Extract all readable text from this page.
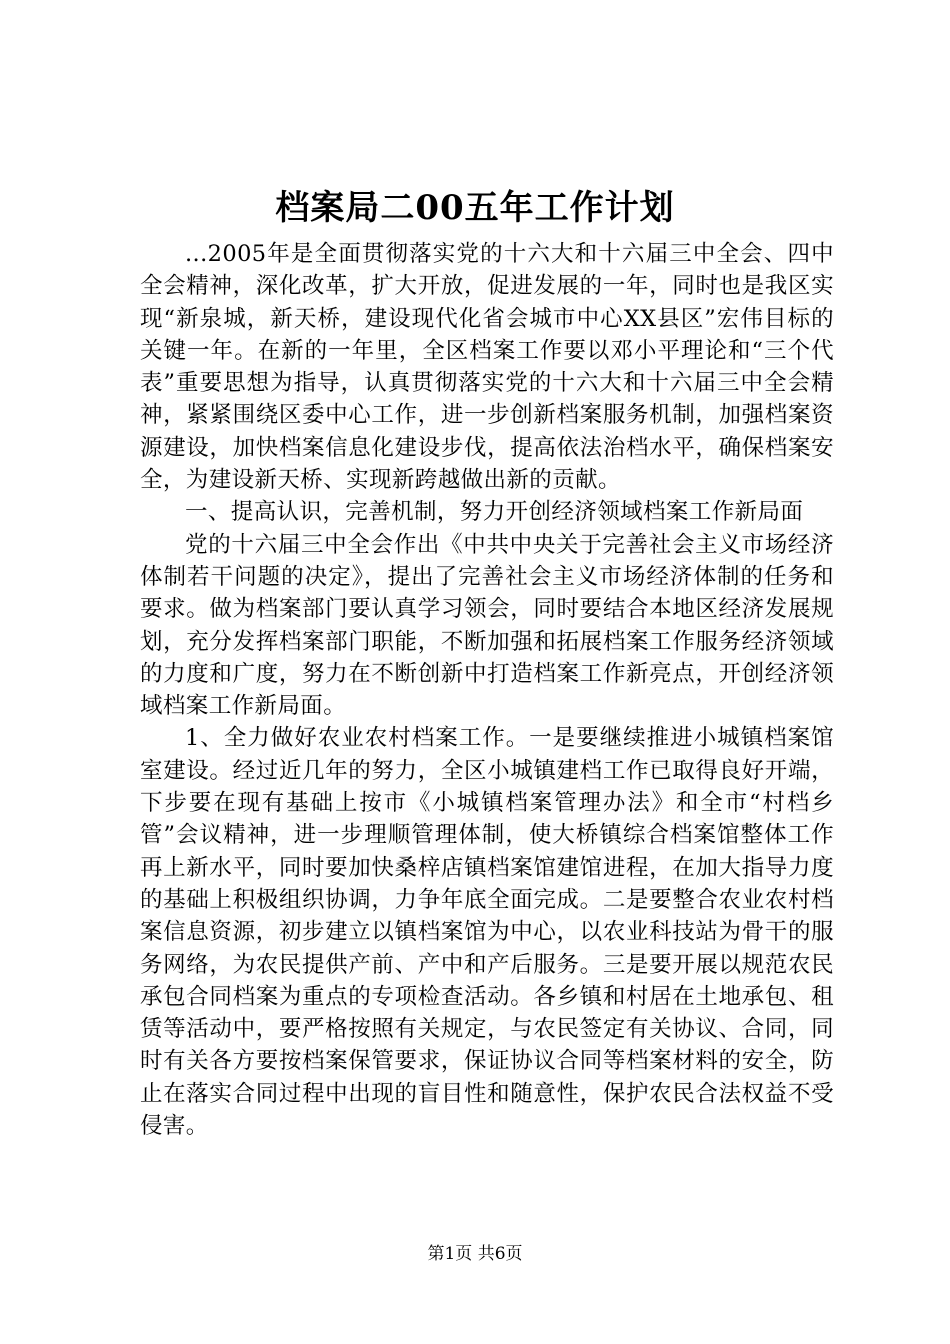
档案局二00五年工作计划

...2005年是全面贯彻落实党的十六大和十六届三中全会、四中全会精神，深化改革，扩大开放，促进发展的一年，同时也是我区实现“新泉城，新天桥，建设现代化省会城市中心XX县区”宏伟目标的关键一年。在新的一年里，全区档案工作要以邓小平理论和“三个代表”重要思想为指导，认真贯彻落实党的十六大和十六届三中全会精神，紧紧围绕区委中心工作，进一步创新档案服务机制，加强档案资源建设，加快档案信息化建设步伐，提高依法治档水平，确保档案安全，为建设新天桥、实现新跨越做出新的贡献。

一、提高认识，完善机制，努力开创经济领域档案工作新局面

党的十六届三中全会作出《中共中央关于完善社会主义市场经济体制若干问题的决定》，提出了完善社会主义市场经济体制的任务和要求。做为档案部门要认真学习领会，同时要结合本地区经济发展规划，充分发挥档案部门职能，不断加强和拓展档案工作服务经济领域的力度和广度，努力在不断创新中打造档案工作新亮点，开创经济领域档案工作新局面。

1、全力做好农业农村档案工作。一是要继续推进小城镇档案馆室建设。经过近几年的努力，全区小城镇建档工作已取得良好开端，下步要在现有基础上按市《小城镇档案管理办法》和全市“村档乡管”会议精神，进一步理顺管理体制，使大桥镇综合档案馆整体工作再上新水平，同时要加快桑梓店镇档案馆建馆进程，在加大指导力度的基础上积极组织协调，力争年底全面完成。二是要整合农业农村档案信息资源，初步建立以镇档案馆为中心，以农业科技站为骨干的服务网络，为农民提供产前、产中和产后服务。三是要开展以规范农民承包合同档案为重点的专项检查活动。各乡镇和村居在土地承包、租赁等活动中，要严格按照有关规定，与农民签定有关协议、合同，同时有关各方要按档案保管要求，保证协议合同等档案材料的安全，防止在落实合同过程中出现的盲目性和随意性，保护农民合法权益不受侵害。

第1页 共6页
